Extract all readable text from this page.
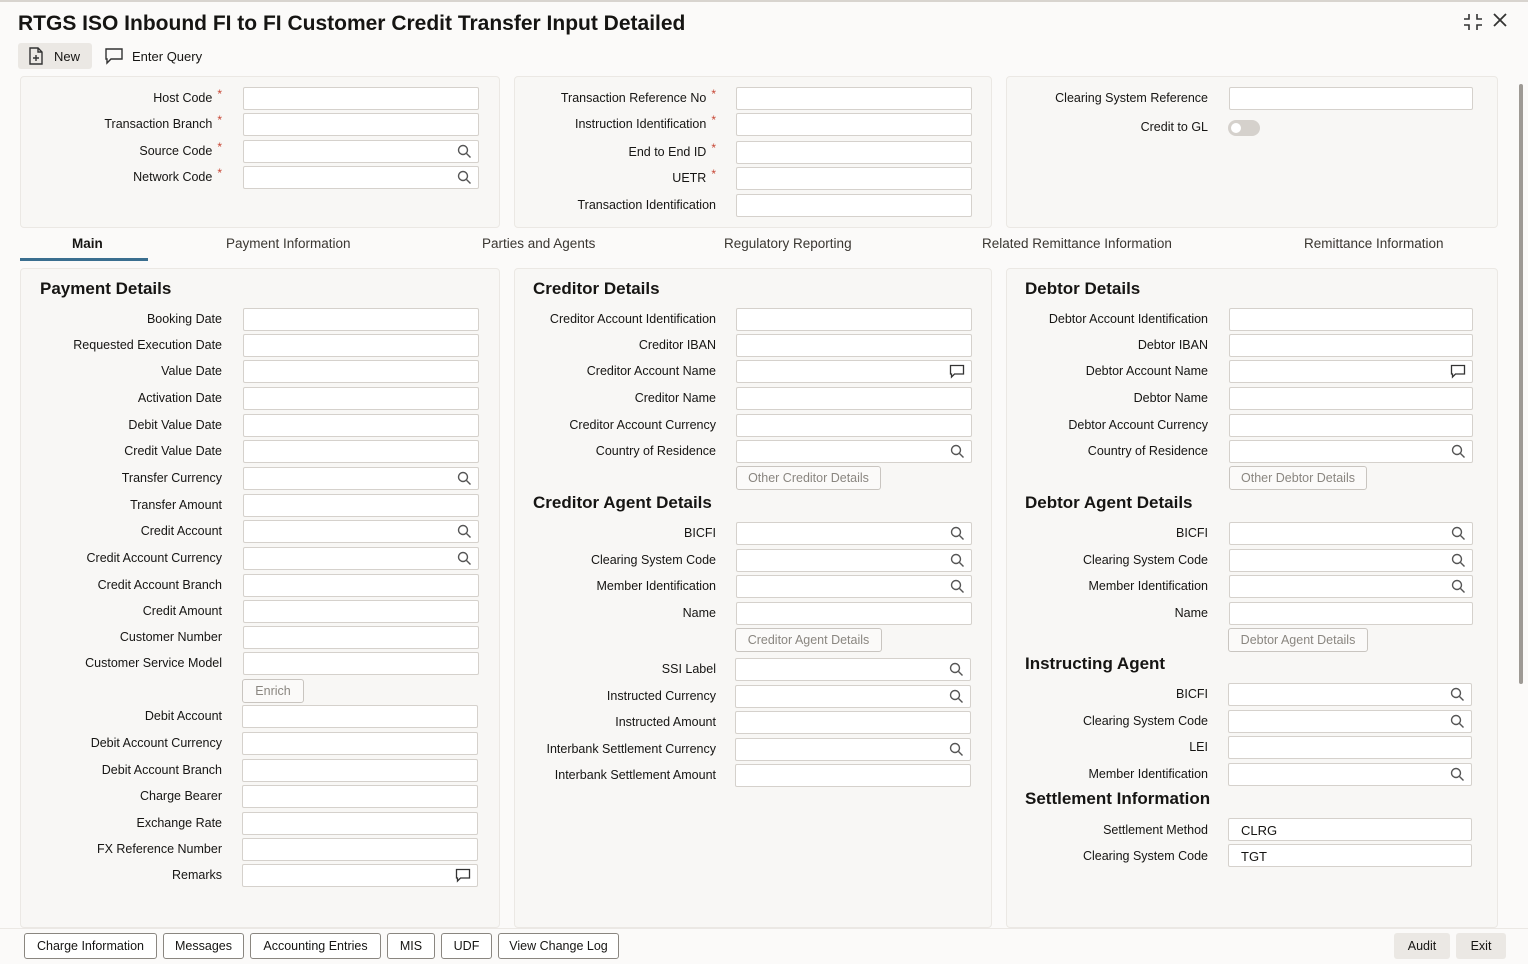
RTGS ISO Inbound FI to FI Customer Credit Transfer Input Detailed
New	Enter Query
Host Code *
Transaction Branch *
Source Code *
Network Code *
Transaction Reference No *
Instruction Identification *
End to End ID *
UETR *
Transaction Identification
Clearing System Reference
Credit to GL
Main	Payment Information	Parties and Agents	Regulatory Reporting	Related Remittance Information	Remittance Information
Payment Details
Booking Date
Requested Execution Date
Value Date
Activation Date
Debit Value Date
Credit Value Date
Transfer Currency
Transfer Amount
Credit Account
Credit Account Currency
Credit Account Branch
Credit Amount
Customer Number
Customer Service Model
Enrich
Debit Account
Debit Account Currency
Debit Account Branch
Charge Bearer
Exchange Rate
FX Reference Number
Remarks
Creditor Details
Creditor Account Identification
Creditor IBAN
Creditor Account Name
Creditor Name
Creditor Account Currency
Country of Residence
Other Creditor Details
Creditor Agent Details
BICFI
Clearing System Code
Member Identification
Name
Creditor Agent Details
SSI Label
Instructed Currency
Instructed Amount
Interbank Settlement Currency
Interbank Settlement Amount
Debtor Details
Debtor Account Identification
Debtor IBAN
Debtor Account Name
Debtor Name
Debtor Account Currency
Country of Residence
Other Debtor Details
Debtor Agent Details
BICFI
Clearing System Code
Member Identification
Name
Debtor Agent Details
Instructing Agent
BICFI
Clearing System Code
LEI
Member Identification
Settlement Information
Settlement Method	CLRG
Clearing System Code	TGT
Charge Information	Messages	Accounting Entries	MIS	UDF	View Change Log	Audit	Exit
